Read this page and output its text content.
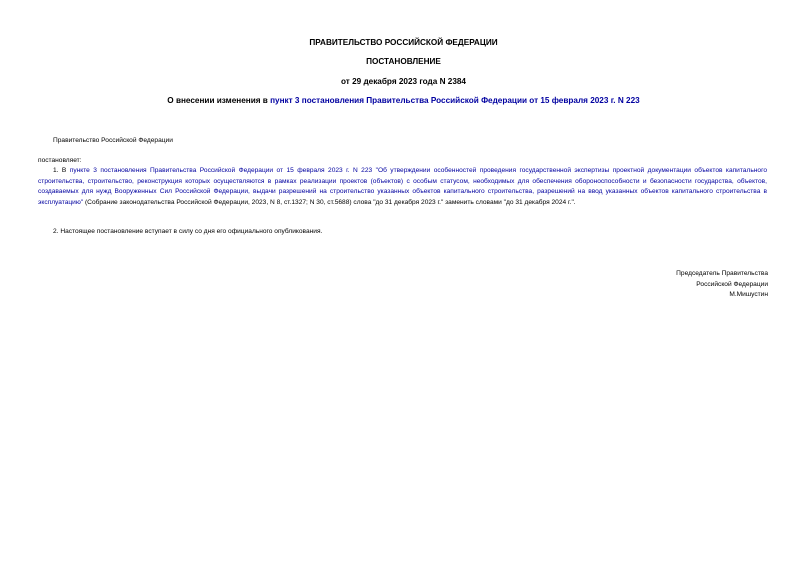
ПРАВИТЕЛЬСТВО РОССИЙСКОЙ ФЕДЕРАЦИИ
ПОСТАНОВЛЕНИЕ
от 29 декабря 2023 года N 2384
О внесении изменения в пункт 3 постановления Правительства Российской Федерации от 15 февраля 2023 г. N 223
Правительство Российской Федерации
постановляет:
1. В пункте 3 постановления Правительства Российской Федерации от 15 февраля 2023 г. N 223 "Об утверждении особенностей проведения государственной экспертизы проектной документации объектов капитального строительства, строительство, реконструкция которых осуществляются в рамках реализации проектов (объектов) с особым статусом, необходимых для обеспечения обороноспособности и безопасности государства, объектов, создаваемых для нужд Вооруженных Сил Российской Федерации, выдачи разрешений на строительство указанных объектов капитального строительства, разрешений на ввод указанных объектов капитального строительства в эксплуатацию" (Собрание законодательства Российской Федерации, 2023, N 8, ст.1327; N 30, ст.5688) слова "до 31 декабря 2023 г." заменить словами "до 31 декабря 2024 г.".
2. Настоящее постановление вступает в силу со дня его официального опубликования.
Председатель Правительства
Российской Федерации
М.Мишустин
